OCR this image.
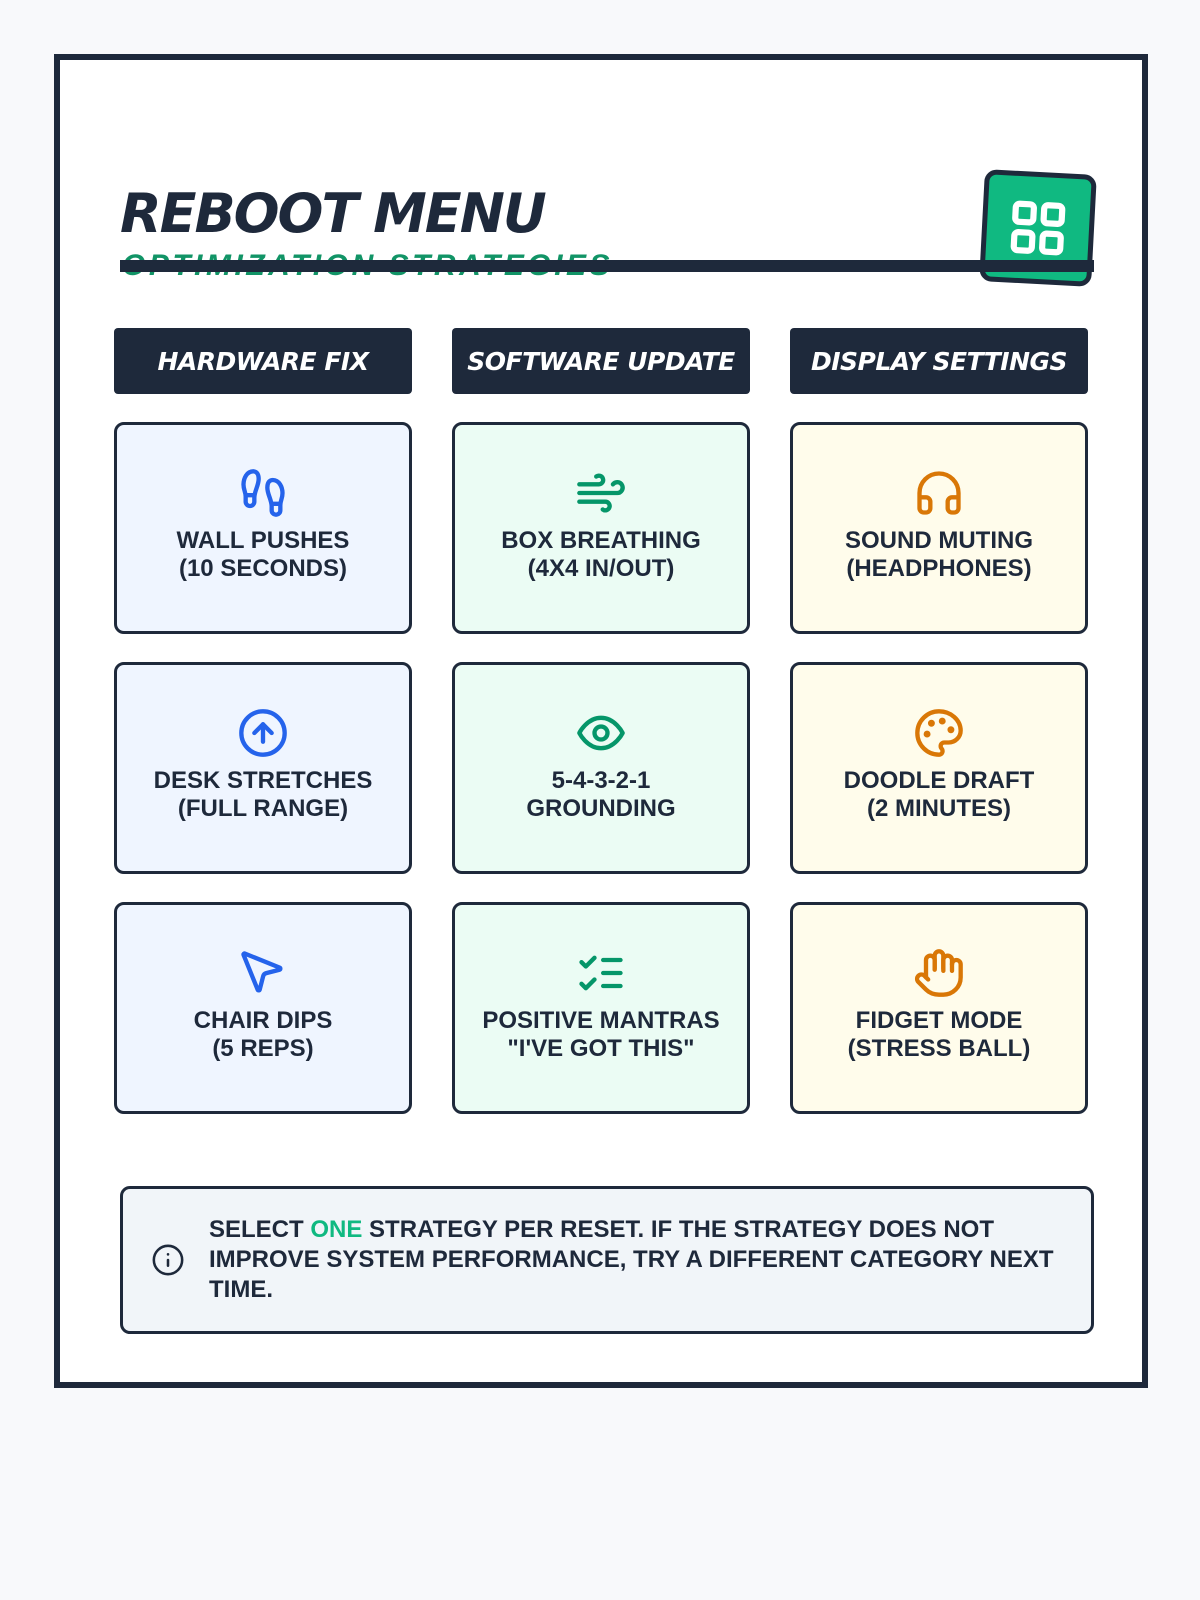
REBOOT MENU
HARDWARE FIX	SOFTWARE UPDATE	DISPLAY SETTINGS
WALL PUSHES
(10 SECONDS)
BOX BREATHING
(4X4 IN/OUT)
SOUND MUTING
(HEADPHONES)
DESK STRETCHES
(FULL RANGE)
5-4-3-2-1
GROUNDING
DOODLE DRAFT
(2 MINUTES)
CHAIR DIPS
(5 REPS)
POSITIVE MANTRAS
"I'VE GOT THIS"
FIDGET MODE
(STRESS BALL)
SELECT ONE STRATEGY PER RESET. IF THE STRATEGY DOES NOT IMPROVE SYSTEM PERFORMANCE, TRY A DIFFERENT CATEGORY NEXT TIME.
